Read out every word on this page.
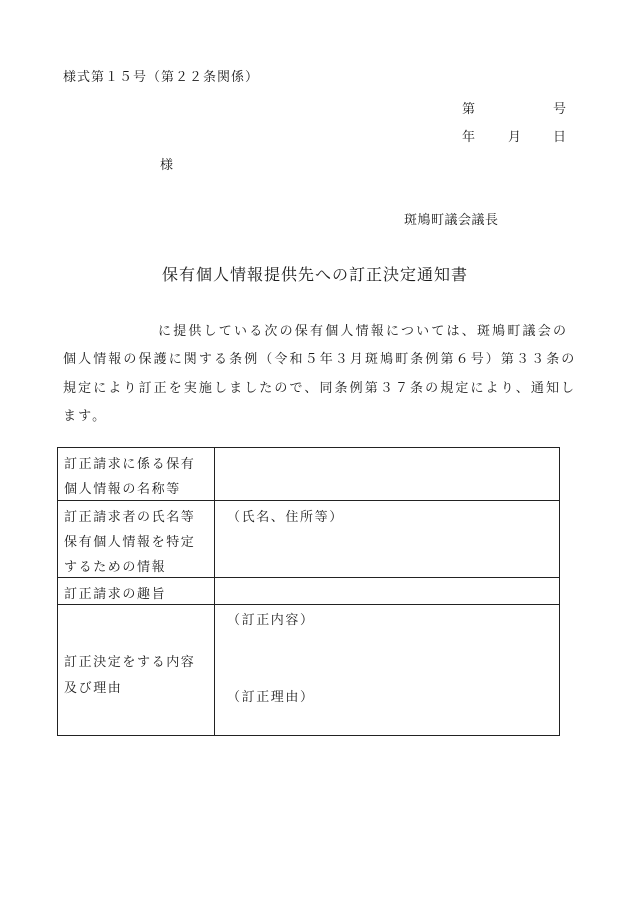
様式第１５号（第２２条関係）
第	号
年	月 日
様
斑鳩町議会議長
保有個人情報提供先への訂正決定通知書
に提供している次の保有個人情報については、斑鳩町議会の
個人情報の保護に関する条例（令和５年３月斑鳩町条例第６号）第３３条の
規定により訂正を実施しましたので、同条例第３７条の規定により、通知し
ます。
訂正請求に係る保有
個人情報の名称等
訂正請求者の氏名等
保有個人情報を特定
するための情報
（氏名、住所等）
訂正請求の趣旨
訂正決定をする内容
及び理由
（訂正内容）
（訂正理由）
